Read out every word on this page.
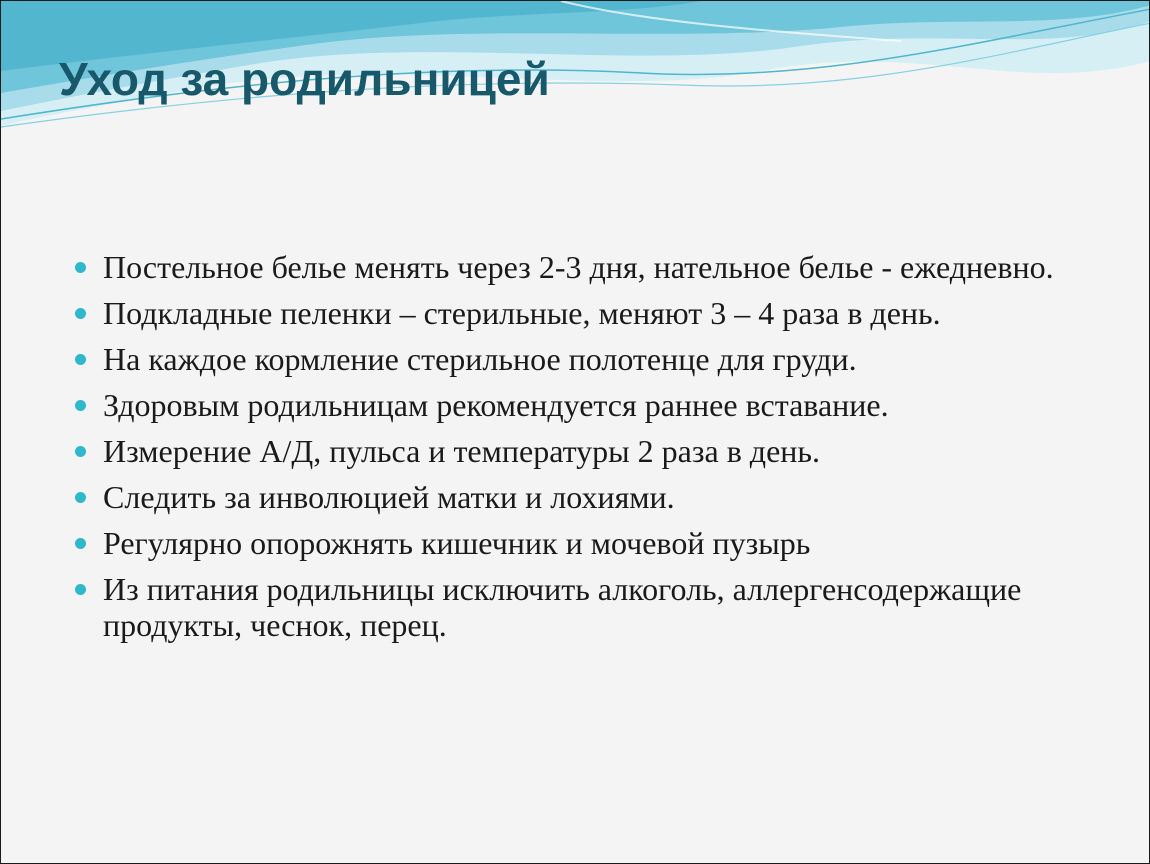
Уход за родильницей
Постельное белье менять через 2-3 дня, нательное белье - ежедневно.
Подкладные пеленки – стерильные, меняют 3 – 4 раза в день.
На каждое кормление стерильное полотенце для груди.
Здоровым родильницам рекомендуется раннее вставание.
Измерение А/Д, пульса и температуры 2 раза в день.
Следить за инволюцией матки и лохиями.
Регулярно опорожнять кишечник и мочевой пузырь
Из питания родильницы исключить алкоголь, аллергенсодержащие продукты, чеснок, перец.
